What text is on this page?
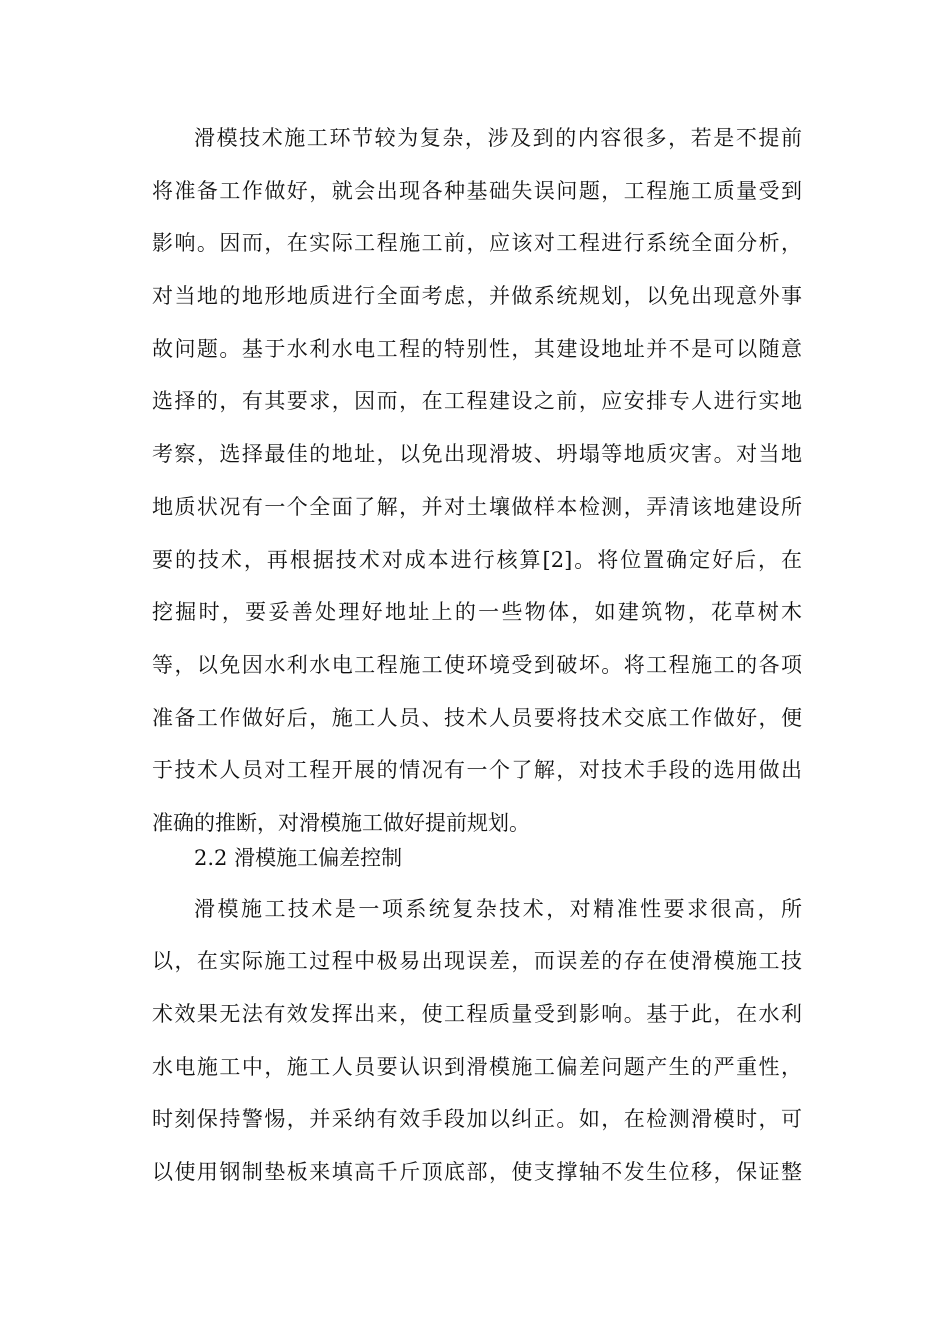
滑模技术施工环节较为复杂，涉及到的内容很多，若是不提前
将准备工作做好，就会出现各种基础失误问题，工程施工质量受到
影响。因而，在实际工程施工前，应该对工程进行系统全面分析，
对当地的地形地质进行全面考虑，并做系统规划，以免出现意外事
故问题。基于水利水电工程的特别性，其建设地址并不是可以随意
选择的，有其要求，因而，在工程建设之前，应安排专人进行实地
考察，选择最佳的地址，以免出现滑坡、坍塌等地质灾害。对当地
地质状况有一个全面了解，并对土壤做样本检测，弄清该地建设所
要的技术，再根据技术对成本进行核算[2]。将位置确定好后，在
挖掘时，要妥善处理好地址上的一些物体，如建筑物，花草树木
等，以免因水利水电工程施工使环境受到破坏。将工程施工的各项
准备工作做好后，施工人员、技术人员要将技术交底工作做好，便
于技术人员对工程开展的情况有一个了解，对技术手段的选用做出
准确的推断，对滑模施工做好提前规划。
2.2 滑模施工偏差控制
滑模施工技术是一项系统复杂技术，对精准性要求很高，所
以，在实际施工过程中极易出现误差，而误差的存在使滑模施工技
术效果无法有效发挥出来，使工程质量受到影响。基于此，在水利
水电施工中，施工人员要认识到滑模施工偏差问题产生的严重性，
时刻保持警惕，并采纳有效手段加以纠正。如，在检测滑模时，可
以使用钢制垫板来填高千斤顶底部，使支撑轴不发生位移，保证整
